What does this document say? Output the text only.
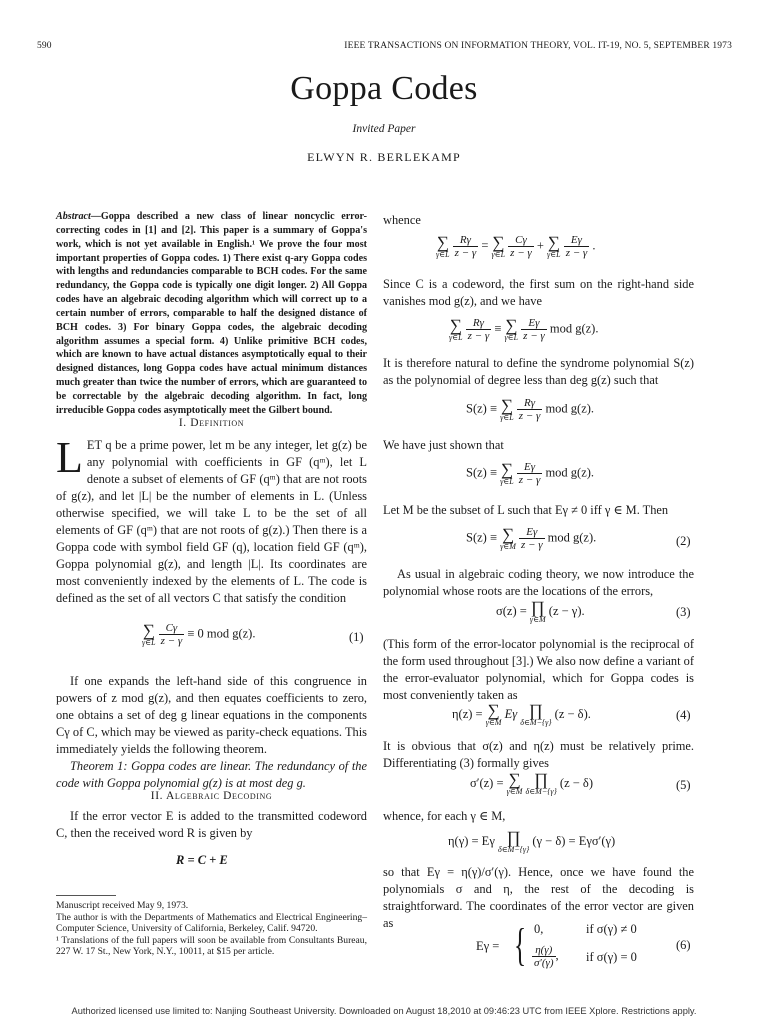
590	IEEE TRANSACTIONS ON INFORMATION THEORY, VOL. IT-19, NO. 5, SEPTEMBER 1973
Goppa Codes
Invited Paper
ELWYN R. BERLEKAMP

Abstract—Goppa described a new class of linear noncyclic error-correcting codes in [1] and [2]. This paper is a summary of Goppa's work, which is not yet available in English.¹ We prove the four most important properties of Goppa codes. 1) There exist q-ary Goppa codes with lengths and redundancies comparable to BCH codes. For the same redundancy, the Goppa code is typically one digit longer. 2) All Goppa codes have an algebraic decoding algorithm which will correct up to a certain number of errors, comparable to half the designed distance of BCH codes. 3) For binary Goppa codes, the algebraic decoding algorithm assumes a special form. 4) Unlike primitive BCH codes, which are known to have actual distances asymptotically equal to their designed distances, long Goppa codes have actual minimum distances much greater than twice the number of errors, which are guaranteed to be correctable by the algebraic decoding algorithm. In fact, long irreducible Goppa codes asymptotically meet the Gilbert bound.

I. Definition

LET q be a prime power, let m be any integer, let g(z) be any polynomial with coefficients in GF (qᵐ), let L denote a subset of elements of GF (qᵐ) that are not roots of g(z), and let |L| be the number of elements in L. (Unless otherwise specified, we will take L to be the set of all elements of GF (qᵐ) that are not roots of g(z).) Then there is a Goppa code with symbol field GF (q), location field GF (qᵐ), Goppa polynomial g(z), and length |L|. Its coordinates are most conveniently indexed by the elements of L. The code is defined as the set of all vectors C that satisfy the condition

∑
γ∈L
$\frac{C\gamma}{z - \gamma} \equiv 0$ mod g(z).	(1)

If one expands the left-hand side of this congruence in powers of z mod g(z), and then equates coefficients to zero, one obtains a set of deg g linear equations in the components Cγ of C, which may be viewed as parity-check equations. This immediately yields the following theorem.

Theorem 1: Goppa codes are linear. The redundancy of the code with Goppa polynomial g(z) is at most deg g.

II. Algebraic Decoding

If the error vector E is added to the transmitted codeword C, then the received word R is given by

R = C + E

Manuscript received May 9, 1973.

The author is with the Departments of Mathematics and Electrical Engineering–Computer Science, University of California, Berkeley, Calif. 94720.

¹ Translations of the full papers will soon be available from Consultants Bureau, 227 W. 17 St., New York, N.Y., 10011, at $15 per article.

whence
∑
γ∈L
$\frac{R\gamma}{z - \gamma}$ = ∑
γ∈L
$\frac{C\gamma}{z - \gamma}$ + ∑
γ∈L
$\frac{E\gamma}{z - \gamma}$ .

Since C is a codeword, the first sum on the right-hand side vanishes mod g(z), and we have

∑
γ∈L
$\frac{R\gamma}{z - \gamma}$ ≡ ∑
γ∈L
$\frac{E\gamma}{z - \gamma}$ mod g(z).

It is therefore natural to define the syndrome polynomial S(z) as the polynomial of degree less than deg g(z) such that

S(z) ≡ ∑
γ∈L
$\frac{R\gamma}{z - \gamma}$ mod g(z).
We have just shown that
S(z) ≡ ∑
γ∈L
$\frac{E\gamma}{z - \gamma}$ mod g(z).
Let M be the subset of L such that Eγ ≠ 0 iff γ ∈ M. Then
S(z) ≡ ∑
γ∈M
$\frac{E\gamma}{z - \gamma}$ mod g(z).	(2)

As usual in algebraic coding theory, we now introduce the polynomial whose roots are the locations of the errors,

σ(z) = ∏
γ∈M
(z − γ).	(3)

(This form of the error-locator polynomial is the reciprocal of the form used throughout [3].) We also now define a variant of the error-evaluator polynomial, which for Goppa codes is most conveniently taken as

η(z) = ∑
γ∈M
Eγ ∏
δ∈M−{γ}
(z − δ).	(4)

It is obvious that σ(z) and η(z) must be relatively prime. Differentiating (3) formally gives

σ′(z) = ∑
γ∈M

∏
δ∈M−{γ}
(z − δ)	(5)
whence, for each γ ∈ M,
η(γ) = Eγ ∏
δ∈M−{γ}
(γ − δ) = Eγσ′(γ)

so that Eγ = η(γ)/σ′(γ). Hence, once we have found the polynomials σ and η, the rest of the decoding is straightforward. The coordinates of the error vector are given as

Eγ = { 0,	if σ(γ) ≠ 0
$\frac{\eta(\gamma)}{\sigma'(\gamma)}$ , if σ(γ) = 0
(6)
Authorized licensed use limited to: Nanjing Southeast University. Downloaded on August 18,2010 at 09:46:23 UTC from IEEE Xplore. Restrictions apply.
